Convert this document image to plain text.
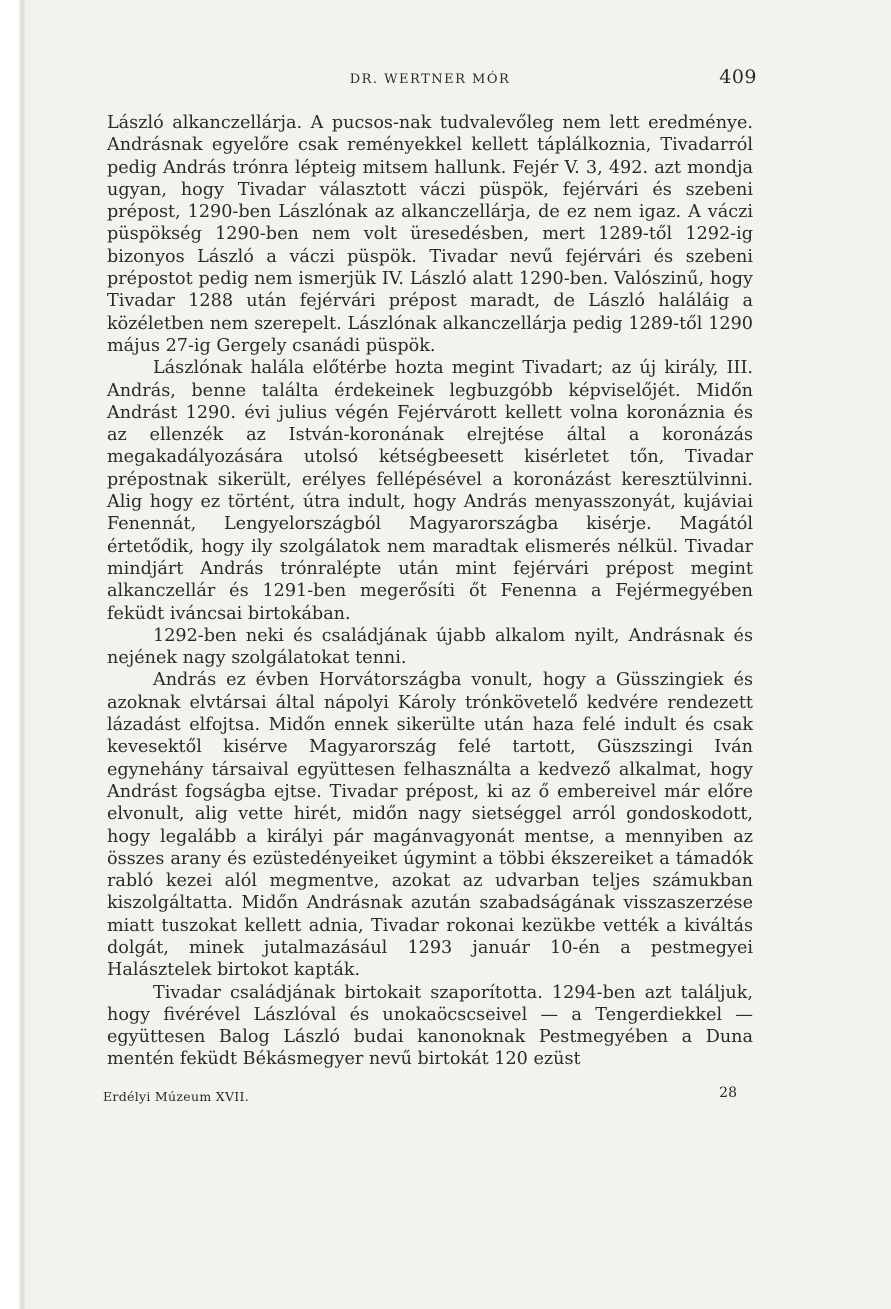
DR. WERTNER MÓR	409

László alkanczellárja. A pucsos-nak tudvalevőleg nem lett eredménye. Andrásnak egyelőre csak reményekkel kellett táplálkoznia, Tivadarról pedig András trónra lépteig mitsem hallunk. Fejér V. 3, 492. azt mondja ugyan, hogy Tivadar választott váczi püspök, fejérvári és szebeni prépost, 1290-ben Lászlónak az alkanczellárja, de ez nem igaz. A váczi püspökség 1290-ben nem volt üresedésben, mert 1289-től 1292-ig bizonyos László a váczi püspök. Tivadar nevű fejérvári és szebeni prépostot pedig nem ismerjük IV. László alatt 1290-ben. Valószinű, hogy Tivadar 1288 után fejérvári prépost maradt, de László haláláig a közéletben nem szerepelt. Lászlónak alkanczellárja pedig 1289-től 1290 május 27-ig Gergely csanádi püspök.

Lászlónak halála előtérbe hozta megint Tivadart; az új király, III. András, benne találta érdekeinek legbuzgóbb képviselőjét. Midőn Andrást 1290. évi julius végén Fejérvárott kellett volna koronáznia és az ellenzék az István-koronának elrejtése által a koronázás megakadályozására utolsó kétségbeesett kisérletet tőn, Tivadar prépostnak sikerült, erélyes fellépésével a koronázást keresztülvinni. Alig hogy ez történt, útra indult, hogy András menyasszonyát, kujáviai Fenennát, Lengyelországból Magyarországba kisérje. Magától értetődik, hogy ily szolgálatok nem maradtak elismerés nélkül. Tivadar mindjárt András trónralépte után mint fejérvári prépost megint alkanczellár és 1291-ben megerősíti őt Fenenna a Fejérmegyében feküdt iváncsai birtokában.

1292-ben neki és családjának újabb alkalom nyilt, Andrásnak és nejének nagy szolgálatokat tenni.

András ez évben Horvátországba vonult, hogy a Güsszingiek és azoknak elvtársai által nápolyi Károly trónkövetelő kedvére rendezett lázadást elfojtsa. Midőn ennek sikerülte után haza felé indult és csak kevesektől kisérve Magyarország felé tartott, Güszszingi Iván egynehány társaival együttesen felhasználta a kedvező alkalmat, hogy Andrást fogságba ejtse. Tivadar prépost, ki az ő embereivel már előre elvonult, alig vette hirét, midőn nagy sietséggel arról gondoskodott, hogy legalább a királyi pár magánvagyonát mentse, a mennyiben az összes arany és ezüstedényeiket úgymint a többi ékszereiket a támadók rabló kezei alól megmentve, azokat az udvarban teljes számukban kiszolgáltatta. Midőn Andrásnak azután szabadságának visszaszerzése miatt tuszokat kellett adnia, Tivadar rokonai kezükbe vették a kiváltás dolgát, minek jutalmazásául 1293 január 10-én a pestmegyei Halásztelek birtokot kapták.

Tivadar családjának birtokait szaporította. 1294-ben azt találjuk, hogy fivérével Lászlóval és unokaöcscseivel — a Tengerdiekkel — együttesen Balog László budai kanonoknak Pestmegyében a Duna mentén feküdt Békásmegyer nevű birtokát 120 ezüst

Erdélyi Múzeum XVII.	28
